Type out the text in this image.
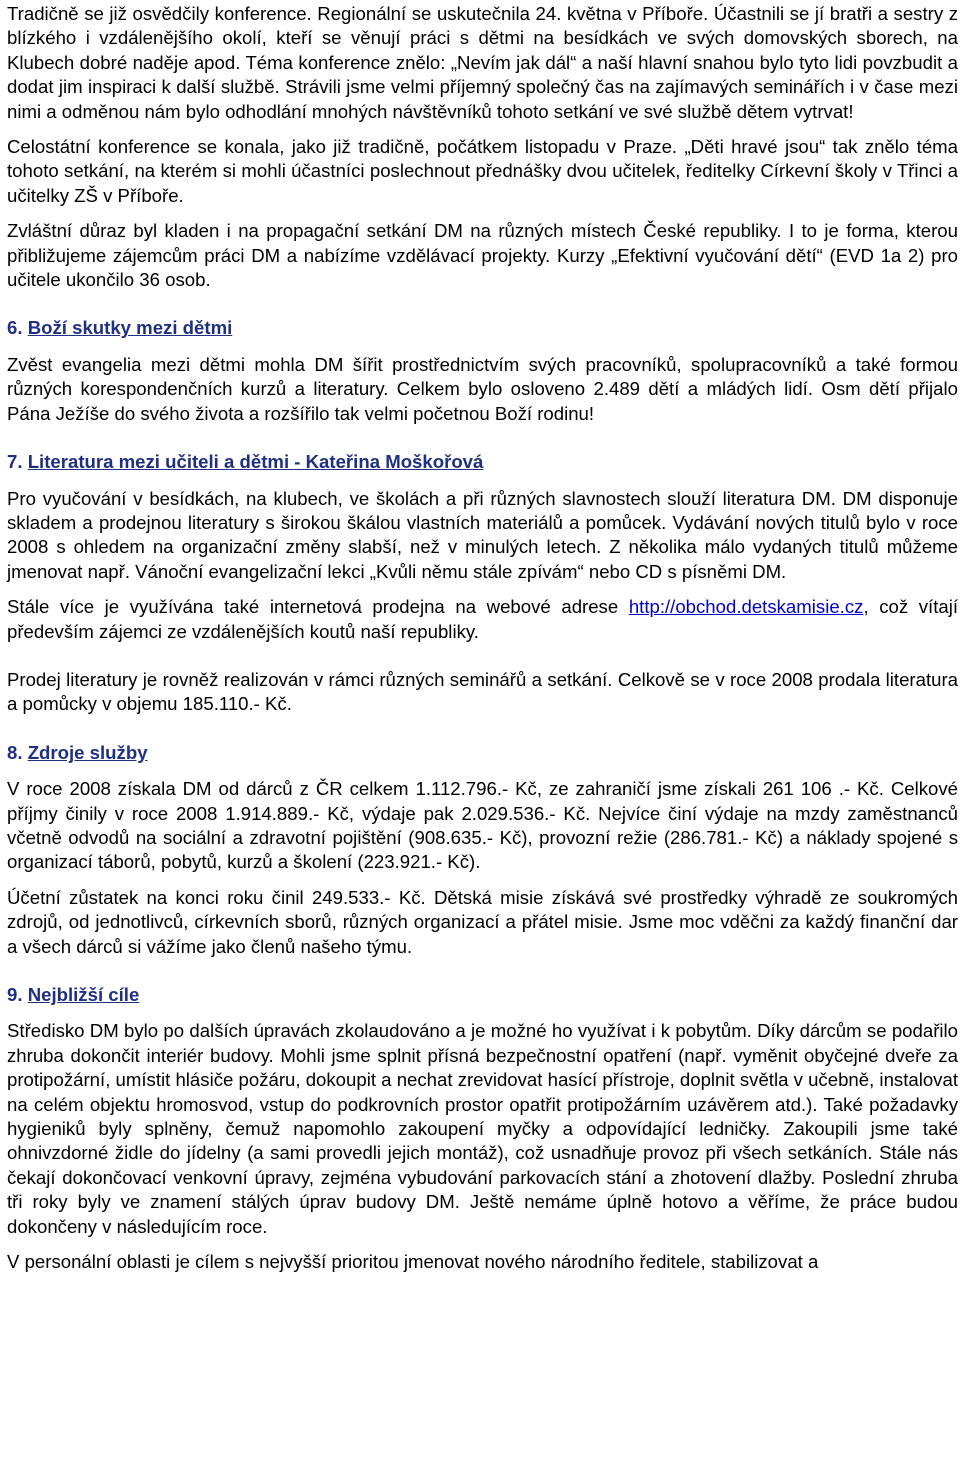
Tradičně se již osvědčily konference. Regionální se uskutečnila 24. května v Příboře. Účastnili se jí bratři a sestry z blízkého i vzdálenějšího okolí, kteří se věnují práci s dětmi na besídkách ve svých domovských sborech, na Klubech dobré naděje apod. Téma konference znělo: „Nevím jak dál“ a naší hlavní snahou bylo tyto lidi povzbudit a dodat jim inspiraci k další službě. Strávili jsme velmi příjemný společný čas na zajímavých seminářích i v čase mezi nimi a odměnou nám bylo odhodlání mnohých návštěvníků tohoto setkání ve své službě dětem vytrvat!

Celostátní konference se konala, jako již tradičně, počátkem listopadu v Praze. „Děti hravé jsou“ tak znělo téma tohoto setkání, na kterém si mohli účastníci poslechnout přednášky dvou učitelek, ředitelky Církevní školy v Třinci a učitelky ZŠ v Příboře.

Zvláštní důraz byl kladen i na propagační setkání DM na různých místech České republiky. I to je forma, kterou přibližujeme zájemcům práci DM a nabízíme vzdělávací projekty. Kurzy „Efektivní vyučování dětí“ (EVD 1a 2) pro učitele ukončilo 36 osob.

6. Boží skutky mezi dětmi

Zvěst evangelia mezi dětmi mohla DM šířit prostřednictvím svých pracovníků, spolupracovníků a také formou různých korespondenčních kurzů a literatury. Celkem bylo osloveno 2.489 dětí a mládých lidí. Osm dětí přijalo Pána Ježíše do svého života a rozšířilo tak velmi početnou Boží rodinu!

7. Literatura mezi učiteli a dětmi - Kateřina Moškořová

Pro vyučování v besídkách, na klubech, ve školách a při různých slavnostech slouží literatura DM. DM disponuje skladem a prodejnou literatury s širokou škálou vlastních materiálů a pomůcek. Vydávání nových titulů bylo v roce 2008 s ohledem na organizační změny slabší, než v minulých letech. Z několika málo vydaných titulů můžeme jmenovat např. Vánoční evangelizační lekci „Kvůli němu stále zpívám“ nebo CD s písněmi DM.

Stále více je využívána také internetová prodejna na webové adrese http://obchod.detskamisie.cz, což vítají především zájemci ze vzdálenějších koutů naší republiky.

Prodej literatury je rovněž realizován v rámci různých seminářů a setkání. Celkově se v roce 2008 prodala literatura a pomůcky v objemu 185.110.- Kč.

8. Zdroje služby

V roce 2008 získala DM od dárců z ČR celkem 1.112.796.- Kč, ze zahraničí jsme získali 261 106 .- Kč. Celkové příjmy činily v roce 2008 1.914.889.- Kč, výdaje pak 2.029.536.- Kč. Nejvíce činí výdaje na mzdy zaměstnanců včetně odvodů na sociální a zdravotní pojištění (908.635.- Kč), provozní režie (286.781.- Kč) a náklady spojené s organizací táborů, pobytů, kurzů a školení (223.921.- Kč).

Účetní zůstatek na konci roku činil 249.533.- Kč. Dětská misie získává své prostředky výhradě ze soukromých zdrojů, od jednotlivců, církevních sborů, různých organizací a přátel misie. Jsme moc vděčni za každý finanční dar a všech dárců si vážíme jako členů našeho týmu.

9. Nejbližší cíle

Středisko DM bylo po dalších úpravách zkolaudováno a je možné ho využívat i k pobytům. Díky dárcům se podařilo zhruba dokončit interiér budovy. Mohli jsme splnit přísná bezpečnostní opatření (např. vyměnit obyčejné dveře za protipožární, umístit hlásiče požáru, dokoupit a nechat zrevidovat hasící přístroje, doplnit světla v učebně, instalovat na celém objektu hromosvod, vstup do podkrovních prostor opatřit protipožárním uzávěrem atd.). Také požadavky hygieniků byly splněny, čemuž napomohlo zakoupení myčky a odpovídající ledničky. Zakoupili jsme také ohnivzdorné židle do jídelny (a sami provedli jejich montáž), což usnadňuje provoz při všech setkáních. Stále nás čekají dokončovací venkovní úpravy, zejména vybudování parkovacích stání a zhotovení dlažby. Poslední zhruba tři roky byly ve znamení stálých úprav budovy DM. Ještě nemáme úplně hotovo a věříme, že práce budou dokončeny v následujícím roce.

V personální oblasti je cílem s nejvyšší prioritou jmenovat nového národního ředitele, stabilizovat a
